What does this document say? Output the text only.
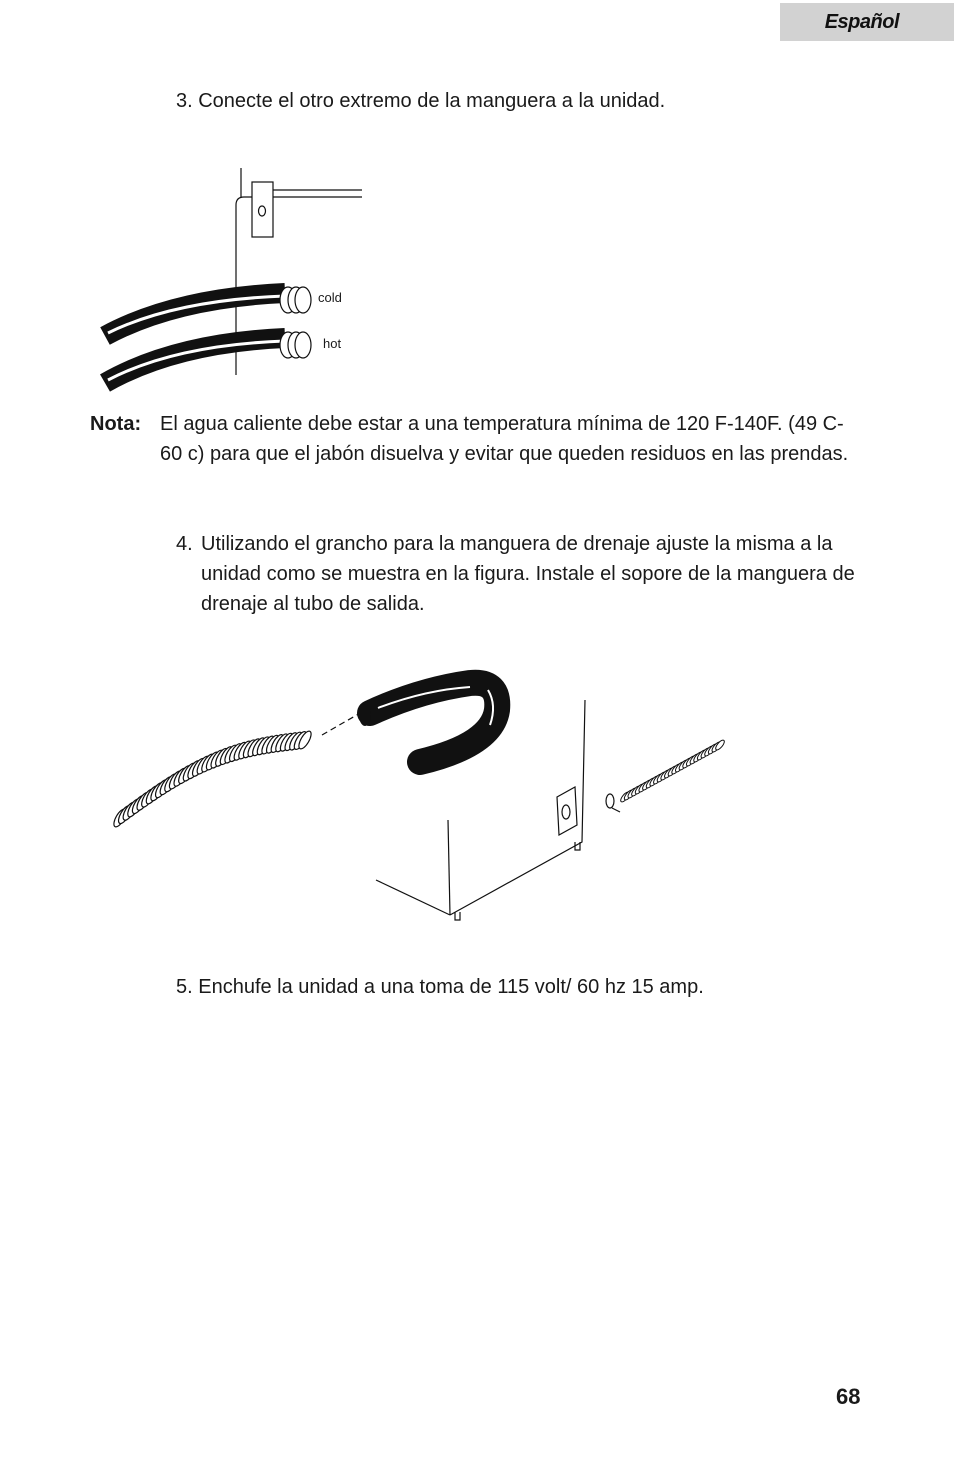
Español
3. Conecte el otro extremo de la manguera a la unidad.
cold
hot
Nota: El agua caliente debe estar a una temperatura mínima de 120 F-140F. (49 C- 60 c) para que el jabón disuelva y evitar que queden residuos en las prendas.
4. Utilizando el grancho para la manguera de drenaje ajuste la misma a la unidad como se muestra en la figura. Instale el sopore de la manguera de drenaje al tubo de salida.
5. Enchufe la unidad a una toma de 115 volt/ 60 hz 15 amp.
68
